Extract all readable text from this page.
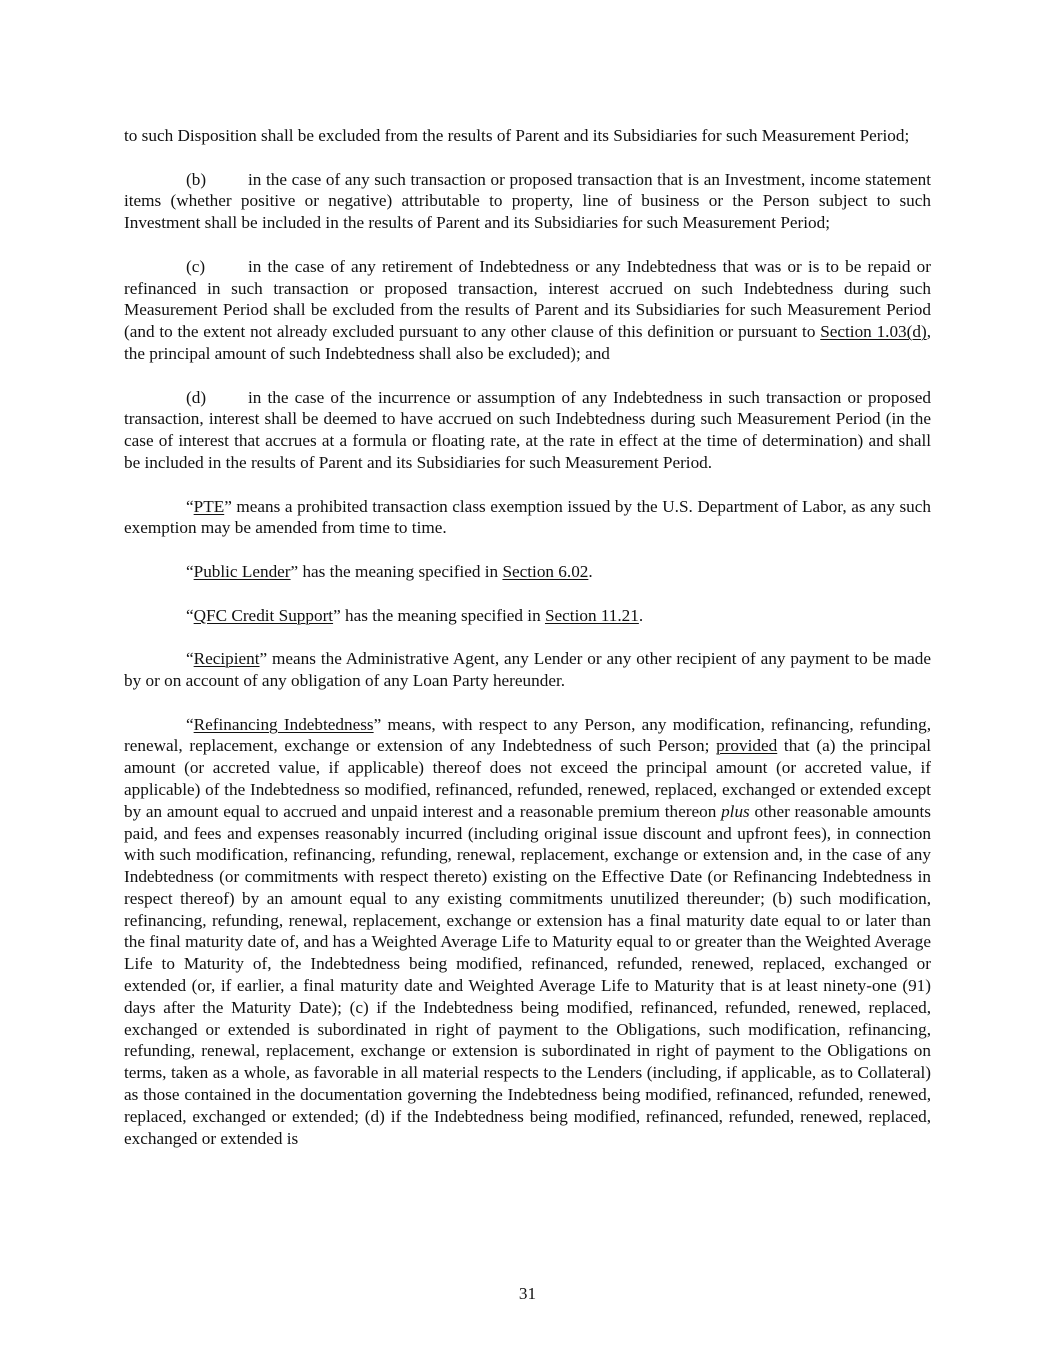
to such Disposition shall be excluded from the results of Parent and its Subsidiaries for such Measurement Period;

(b) in the case of any such transaction or proposed transaction that is an Investment, income statement items (whether positive or negative) attributable to property, line of business or the Person subject to such Investment shall be included in the results of Parent and its Subsidiaries for such Measurement Period;

(c) in the case of any retirement of Indebtedness or any Indebtedness that was or is to be repaid or refinanced in such transaction or proposed transaction, interest accrued on such Indebtedness during such Measurement Period shall be excluded from the results of Parent and its Subsidiaries for such Measurement Period (and to the extent not already excluded pursuant to any other clause of this definition or pursuant to Section 1.03(d), the principal amount of such Indebtedness shall also be excluded); and

(d) in the case of the incurrence or assumption of any Indebtedness in such transaction or proposed transaction, interest shall be deemed to have accrued on such Indebtedness during such Measurement Period (in the case of interest that accrues at a formula or floating rate, at the rate in effect at the time of determination) and shall be included in the results of Parent and its Subsidiaries for such Measurement Period.

“PTE” means a prohibited transaction class exemption issued by the U.S. Department of Labor, as any such exemption may be amended from time to time.

“Public Lender” has the meaning specified in Section 6.02.

“QFC Credit Support” has the meaning specified in Section 11.21.

“Recipient” means the Administrative Agent, any Lender or any other recipient of any payment to be made by or on account of any obligation of any Loan Party hereunder.

“Refinancing Indebtedness” means, with respect to any Person, any modification, refinancing, refunding, renewal, replacement, exchange or extension of any Indebtedness of such Person; provided that (a) the principal amount (or accreted value, if applicable) thereof does not exceed the principal amount (or accreted value, if applicable) of the Indebtedness so modified, refinanced, refunded, renewed, replaced, exchanged or extended except by an amount equal to accrued and unpaid interest and a reasonable premium thereon plus other reasonable amounts paid, and fees and expenses reasonably incurred (including original issue discount and upfront fees), in connection with such modification, refinancing, refunding, renewal, replacement, exchange or extension and, in the case of any Indebtedness (or commitments with respect thereto) existing on the Effective Date (or Refinancing Indebtedness in respect thereof) by an amount equal to any existing commitments unutilized thereunder; (b) such modification, refinancing, refunding, renewal, replacement, exchange or extension has a final maturity date equal to or later than the final maturity date of, and has a Weighted Average Life to Maturity equal to or greater than the Weighted Average Life to Maturity of, the Indebtedness being modified, refinanced, refunded, renewed, replaced, exchanged or extended (or, if earlier, a final maturity date and Weighted Average Life to Maturity that is at least ninety-one (91) days after the Maturity Date); (c) if the Indebtedness being modified, refinanced, refunded, renewed, replaced, exchanged or extended is subordinated in right of payment to the Obligations, such modification, refinancing, refunding, renewal, replacement, exchange or extension is subordinated in right of payment to the Obligations on terms, taken as a whole, as favorable in all material respects to the Lenders (including, if applicable, as to Collateral) as those contained in the documentation governing the Indebtedness being modified, refinanced, refunded, renewed, replaced, exchanged or extended; (d) if the Indebtedness being modified, refinanced, refunded, renewed, replaced, exchanged or extended is

31
